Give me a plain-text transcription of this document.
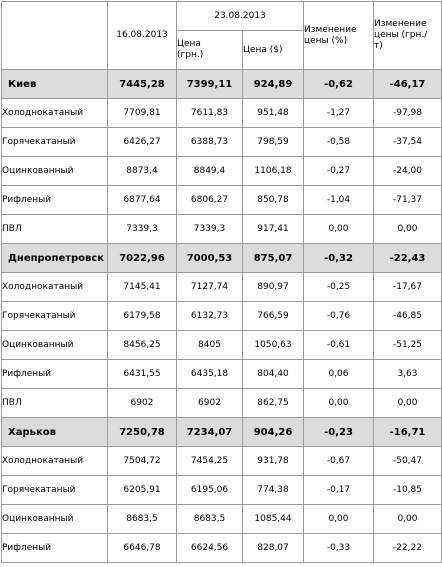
	16.08.2013	23.08.2013		Изменение цены (%)	Изменение цены (грн./т)

		Цена (грн.)	Цена ($)		
Киев	7445,28	7399,11	924,89	-0,62	-46,17
Холоднокатаный	7709,81	7611,83	951,48	-1,27	-97,98
Горячекатаный	6426,27	6388,73	798,59	-0,58	-37,54
Оцинкованный	8873,4	8849,4	1106,18	-0,27	-24,00
Рифленый	6877,64	6806,27	850,78	-1,04	-71,37
ПВЛ	7339,3	7339,3	917,41	0,00	0,00
Днепропетровск	7022,96	7000,53	875,07	-0,32	-22,43
Холоднокатаный	7145,41	7127,74	890,97	-0,25	-17,67
Горячекатаный	6179,58	6132,73	766,59	-0,76	-46,85
Оцинкованный	8456,25	8405	1050,63	-0,61	-51,25
Рифленый	6431,55	6435,18	804,40	0,06	3,63
ПВЛ	6902	6902	862,75	0,00	0,00
Харьков	7250,78	7234,07	904,26	-0,23	-16,71
Холоднокатаный	7504,72	7454,25	931,78	-0,67	-50,47
Горячекатаный	6205,91	6195,06	774,38	-0,17	-10,85
Оцинкованный	8683,5	8683,5	1085,44	0,00	0,00
Рифленый	6646,78	6624,56	828,07	-0,33	-22,22
